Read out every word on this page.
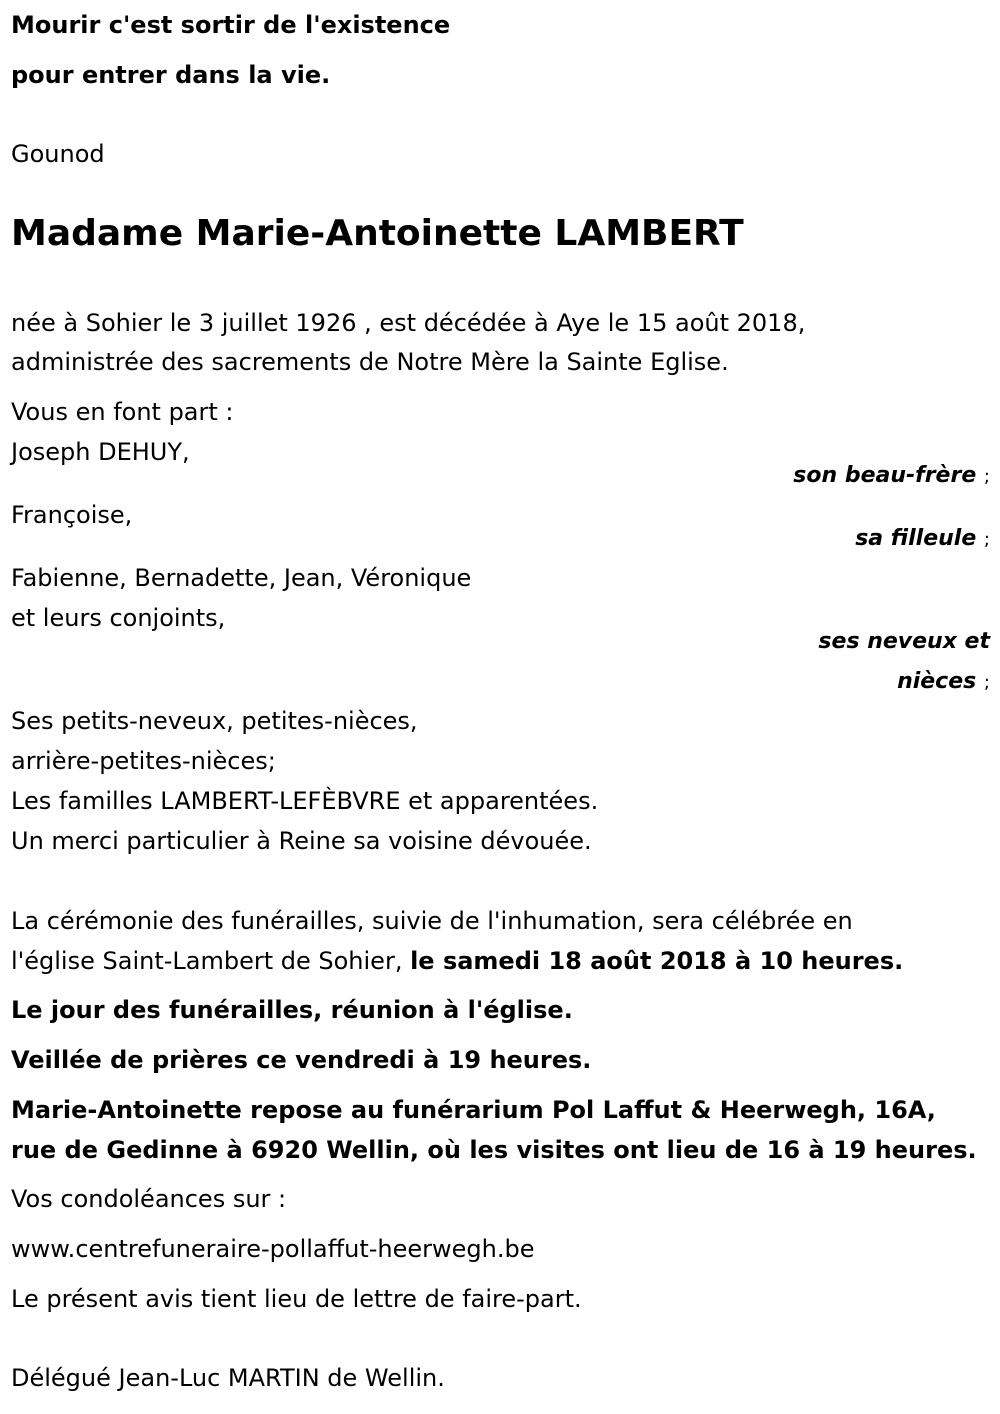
Mourir c'est sortir de l'existence
pour entrer dans la vie.
Gounod
Madame Marie-Antoinette LAMBERT
née à Sohier le 3 juillet 1926 , est décédée à Aye le 15 août 2018,
administrée des sacrements de Notre Mère la Sainte Eglise.
Vous en font part :
Joseph DEHUY,
son beau-frère ;
Françoise,
sa filleule ;
Fabienne, Bernadette, Jean, Véronique
et leurs conjoints,
ses neveux et
nièces ;
Ses petits-neveux, petites-nièces,
arrière-petites-nièces;
Les familles LAMBERT-LEFÈBVRE et apparentées.
Un merci particulier à Reine sa voisine dévouée.
La cérémonie des funérailles, suivie de l'inhumation, sera célébrée en
l'église Saint-Lambert de Sohier, le samedi 18 août 2018 à 10 heures.
Le jour des funérailles, réunion à l'église.
Veillée de prières ce vendredi à 19 heures.
Marie-Antoinette repose au funérarium Pol Laffut & Heerwegh, 16A,
rue de Gedinne à 6920 Wellin, où les visites ont lieu de 16 à 19 heures.
Vos condoléances sur :
www.centrefuneraire-pollaffut-heerwegh.be
Le présent avis tient lieu de lettre de faire-part.
Délégué Jean-Luc MARTIN de Wellin.
